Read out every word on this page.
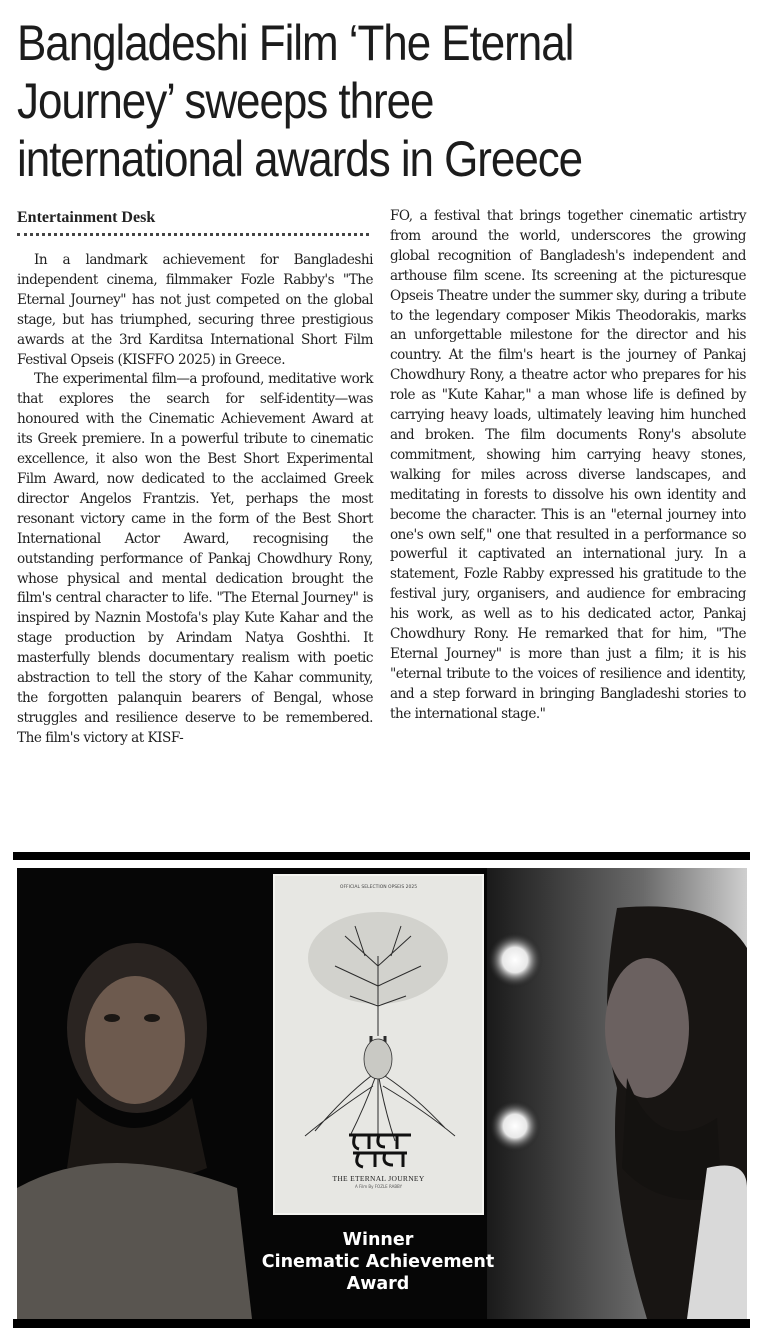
Bangladeshi Film ‘The Eternal Journey’ sweeps three international awards in Greece
Entertainment Desk

In a landmark achievement for Bangladeshi independent cinema, filmmaker Fozle Rabby's "The Eternal Journey" has not just competed on the global stage, but has triumphed, securing three prestigious awards at the 3rd Karditsa International Short Film Festival Opseis (KISFFO 2025) in Greece.

The experimental film—a profound, meditative work that explores the search for self-identity—was honoured with the Cinematic Achievement Award at its Greek premiere. In a powerful tribute to cinematic excellence, it also won the Best Short Experimental Film Award, now dedicated to the acclaimed Greek director Angelos Frantzis. Yet, perhaps the most resonant victory came in the form of the Best Short International Actor Award, recognising the outstanding performance of Pankaj Chowdhury Rony, whose physical and mental dedication brought the film's central character to life. "The Eternal Journey" is inspired by Naznin Mostofa's play Kute Kahar and the stage production by Arindam Natya Goshthi. It masterfully blends documentary realism with poetic abstraction to tell the story of the Kahar community, the forgotten palanquin bearers of Bengal, whose struggles and resilience deserve to be remembered. The film's victory at KISF-

FO, a festival that brings together cinematic artistry from around the world, underscores the growing global recognition of Bangladesh's independent and arthouse film scene. Its screening at the picturesque Opseis Theatre under the summer sky, during a tribute to the legendary composer Mikis Theodorakis, marks an unforgettable milestone for the director and his country. At the film's heart is the journey of Pankaj Chowdhury Rony, a theatre actor who prepares for his role as "Kute Kahar," a man whose life is defined by carrying heavy loads, ultimately leaving him hunched and broken. The film documents Rony's absolute commitment, showing him carrying heavy stones, walking for miles across diverse landscapes, and meditating in forests to dissolve his own identity and become the character. This is an "eternal journey into one's own self," one that resulted in a performance so powerful it captivated an international jury. In a statement, Fozle Rabby expressed his gratitude to the festival jury, organisers, and audience for embracing his work, as well as to his dedicated actor, Pankaj Chowdhury Rony. He remarked that for him, "The Eternal Journey" is more than just a film; it is his "eternal tribute to the voices of resilience and identity, and a step forward in bringing Bangladeshi stories to the international stage."

OFFICIAL SELECTION OPSEIS 2025
THE ETERNAL JOURNEY
A Film By FOZLE RABBY
Winner
Cinematic Achievement
Award
